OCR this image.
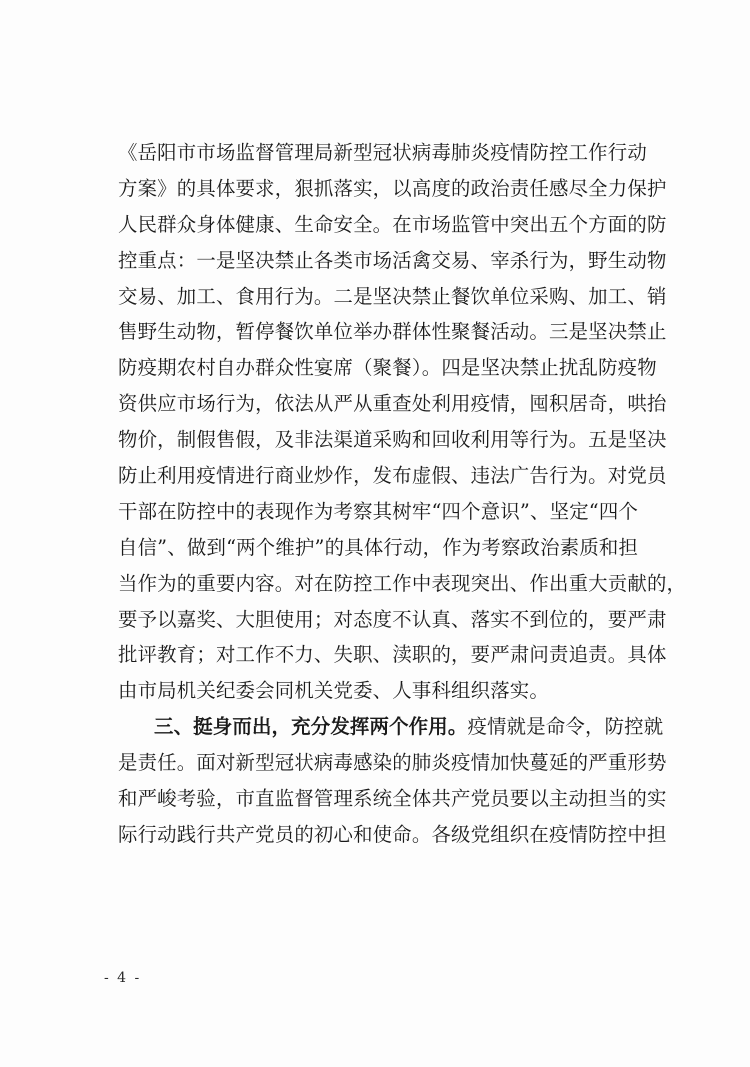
《岳阳市市场监督管理局新型冠状病毒肺炎疫情防控工作行动
方案》的具体要求，狠抓落实，以高度的政治责任感尽全力保护
人民群众身体健康、生命安全。在市场监管中突出五个方面的防
控重点：一是坚决禁止各类市场活禽交易、宰杀行为，野生动物
交易、加工、食用行为。二是坚决禁止餐饮单位采购、加工、销
售野生动物，暂停餐饮单位举办群体性聚餐活动。三是坚决禁止
防疫期农村自办群众性宴席（聚餐）。四是坚决禁止扰乱防疫物
资供应市场行为，依法从严从重查处利用疫情，囤积居奇，哄抬
物价，制假售假，及非法渠道采购和回收利用等行为。五是坚决
防止利用疫情进行商业炒作，发布虚假、违法广告行为。对党员
干部在防控中的表现作为考察其树牢“四个意识”、坚定“四个
自信”、做到“两个维护”的具体行动，作为考察政治素质和担
当作为的重要内容。对在防控工作中表现突出、作出重大贡献的，
要予以嘉奖、大胆使用；对态度不认真、落实不到位的，要严肃
批评教育；对工作不力、失职、渎职的，要严肃问责追责。具体
由市局机关纪委会同机关党委、人事科组织落实。
三、挺身而出，充分发挥两个作用。疫情就是命令，防控就
是责任。面对新型冠状病毒感染的肺炎疫情加快蔓延的严重形势
和严峻考验，市直监督管理系统全体共产党员要以主动担当的实
际行动践行共产党员的初心和使命。各级党组织在疫情防控中担
- 4 -
